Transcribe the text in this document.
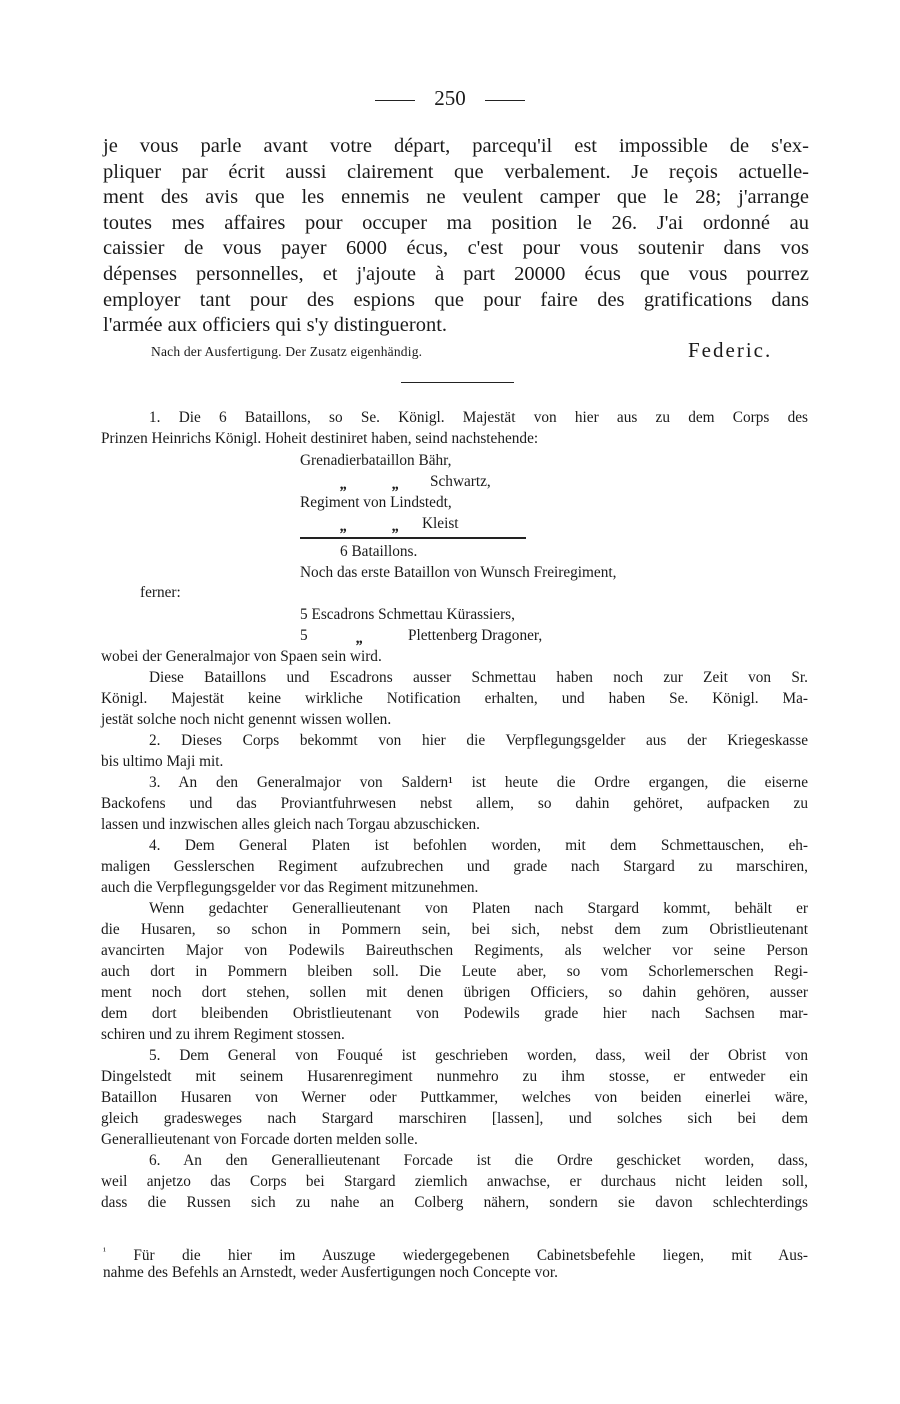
250
je vous parle avant votre départ, parcequ'il est impossible de s'ex-
pliquer par écrit aussi clairement que verbalement. Je reçois actuelle-
ment des avis que les ennemis ne veulent camper que le 28; j'arrange
toutes mes affaires pour occuper ma position le 26. J'ai ordonné au
caissier de vous payer 6000 écus, c'est pour vous soutenir dans vos
dépenses personnelles, et j'ajoute à part 20000 écus que vous pourrez
employer tant pour des espions que pour faire des gratifications dans
l'armée aux officiers qui s'y distingueront.
Nach der Ausfertigung. Der Zusatz eigenhändig.	Federic.
1. Die 6 Bataillons, so Se. Königl. Majestät von hier aus zu dem Corps des
Prinzen Heinrichs Königl. Hoheit destiniret haben, seind nachstehende:
Grenadierbataillon Bähr,
„	„ Schwartz,
Regiment von Lindstedt,
„	„ Kleist
6 Bataillons.
Noch das erste Bataillon von Wunsch Freiregiment,
ferner:
5 Escadrons Schmettau Kürassiers,
5	„	Plettenberg Dragoner,
wobei der Generalmajor von Spaen sein wird.
Diese Bataillons und Escadrons ausser Schmettau haben noch zur Zeit von Sr.
Königl. Majestät keine wirkliche Notification erhalten, und haben Se. Königl. Ma-
jestät solche noch nicht genennt wissen wollen.
2. Dieses Corps bekommt von hier die Verpflegungsgelder aus der Kriegeskasse
bis ultimo Maji mit.
3. An den Generalmajor von Saldern¹ ist heute die Ordre ergangen, die eiserne
Backofens und das Proviantfuhrwesen nebst allem, so dahin gehöret, aufpacken zu
lassen und inzwischen alles gleich nach Torgau abzuschicken.
4. Dem General Platen ist befohlen worden, mit dem Schmettauschen, eh-
maligen Gesslerschen Regiment aufzubrechen und grade nach Stargard zu marschiren,
auch die Verpflegungsgelder vor das Regiment mitzunehmen.
Wenn gedachter Generallieutenant von Platen nach Stargard kommt, behält er
die Husaren, so schon in Pommern sein, bei sich, nebst dem zum Obristlieutenant
avancirten Major von Podewils Baireuthschen Regiments, als welcher vor seine Person
auch dort in Pommern bleiben soll. Die Leute aber, so vom Schorlemerschen Regi-
ment noch dort stehen, sollen mit denen übrigen Officiers, so dahin gehören, ausser
dem dort bleibenden Obristlieutenant von Podewils grade hier nach Sachsen mar-
schiren und zu ihrem Regiment stossen.
5. Dem General von Fouqué ist geschrieben worden, dass, weil der Obrist von
Dingelstedt mit seinem Husarenregiment nunmehro zu ihm stosse, er entweder ein
Bataillon Husaren von Werner oder Puttkammer, welches von beiden einerlei wäre,
gleich gradesweges nach Stargard marschiren [lassen], und solches sich bei dem
Generallieutenant von Forcade dorten melden solle.
6. An den Generallieutenant Forcade ist die Ordre geschicket worden, dass,
weil anjetzo das Corps bei Stargard ziemlich anwachse, er durchaus nicht leiden soll,
dass die Russen sich zu nahe an Colberg nähern, sondern sie davon schlechterdings
$^{^1}$ Für die hier im Auszuge wiedergegebenen Cabinetsbefehle liegen, mit Aus-
nahme des Befehls an Arnstedt, weder Ausfertigungen noch Concepte vor.
